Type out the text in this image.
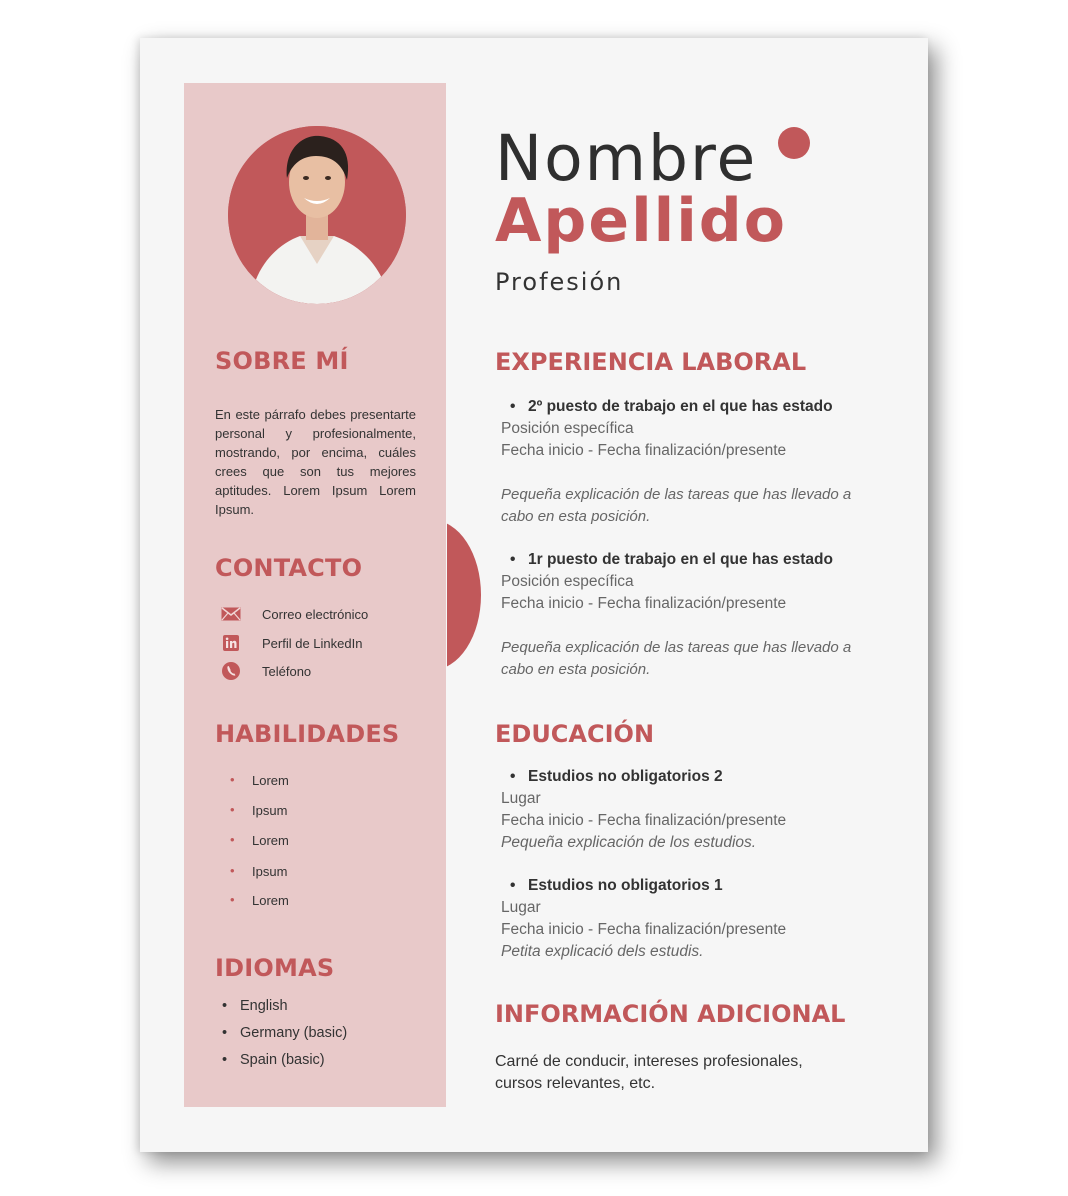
Nombre
Apellido
Profesión
SOBRE MÍ
En este párrafo debes presentarte personal y profesionalmente, mostrando, por encima, cuáles crees que son tus mejores aptitudes. Lorem Ipsum Lorem Ipsum.
CONTACTO
Correo electrónico
Perfil de LinkedIn
Teléfono
HABILIDADES
• Lorem
• Ipsum
• Lorem
• Ipsum
• Lorem
IDIOMAS
• English
• Germany (basic)
• Spain (basic)
EXPERIENCIA LABORAL
• 2º puesto de trabajo en el que has estado
Posición específica
Fecha inicio - Fecha finalización/presente
Pequeña explicación de las tareas que has llevado a cabo en esta posición.
• 1r puesto de trabajo en el que has estado
Posición específica
Fecha inicio - Fecha finalización/presente
Pequeña explicación de las tareas que has llevado a cabo en esta posición.
EDUCACIÓN
• Estudios no obligatorios 2
Lugar
Fecha inicio - Fecha finalización/presente
Pequeña explicación de los estudios.
• Estudios no obligatorios 1
Lugar
Fecha inicio - Fecha finalización/presente
Petita explicació dels estudis.
INFORMACIÓN ADICIONAL
Carné de conducir, intereses profesionales, cursos relevantes, etc.
